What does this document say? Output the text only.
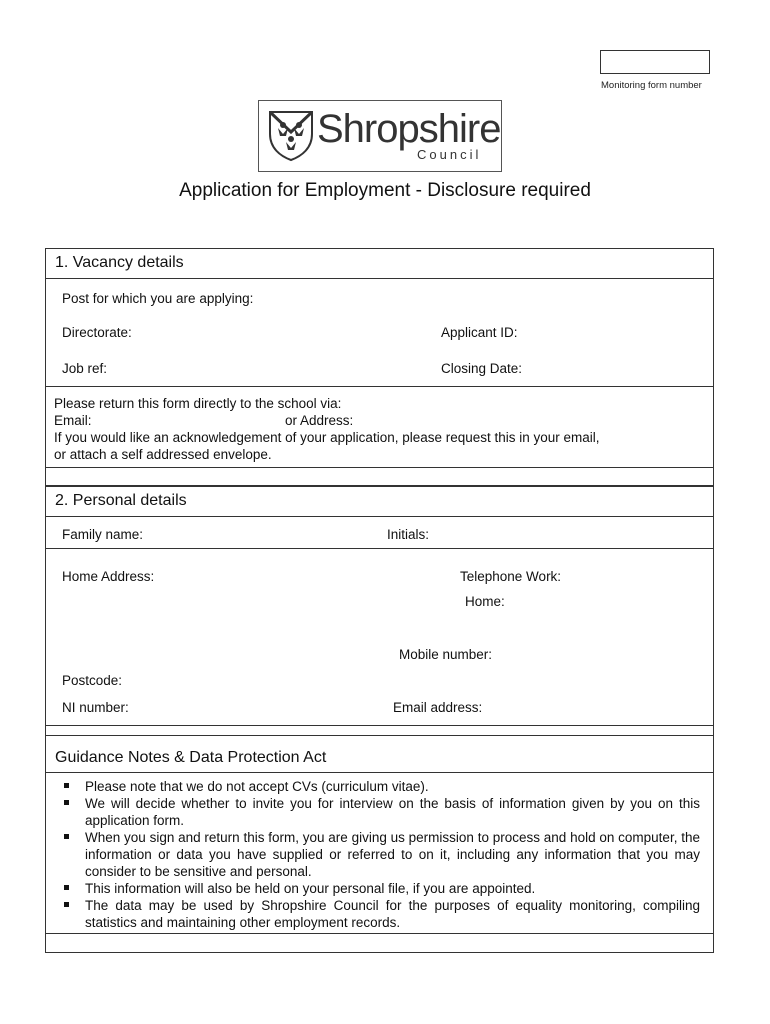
Monitoring form number
Shropshire
Council
Application for Employment - Disclosure required
1. Vacancy details
Post for which you are applying:
Directorate:	Applicant ID:
Job ref:	Closing Date:
Please return this form directly to the school via:
Email:	or Address:
If you would like an acknowledgement of your application, please request this in your email,
or attach a self addressed envelope.
2. Personal details
Family name:	Initials:
Home Address:	Telephone Work:
Home:
Mobile number:
Postcode:
NI number:	Email address:
Guidance Notes & Data Protection Act
Please note that we do not accept CVs (curriculum vitae).
We will decide whether to invite you for interview on the basis of information given by you on this application form.
When you sign and return this form, you are giving us permission to process and hold on computer, the information or data you have supplied or referred to on it, including any information that you may consider to be sensitive and personal.
This information will also be held on your personal file, if you are appointed.
The data may be used by Shropshire Council for the purposes of equality monitoring, compiling statistics and maintaining other employment records.
